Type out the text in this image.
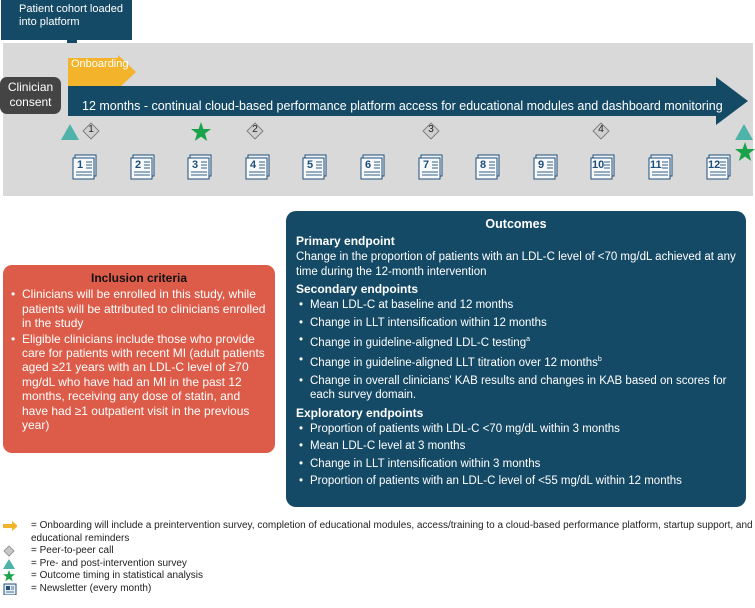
Patient cohort loaded into platform
Onboarding
12 months - continual cloud-based performance platform access for educational modules and dashboard monitoring
Clinician consent
1	2	3	4
1	2	3	4	5	6	7	8	9	10	11	12
Inclusion criteria
• Clinicians will be enrolled in this study, while patients will be attributed to clinicians enrolled in the study
• Eligible clinicians include those who provide care for patients with recent MI (adult patients aged ≥21 years with an LDL-C level of ≥70 mg/dL who have had an MI in the past 12 months, receiving any dose of statin, and have had ≥1 outpatient visit in the previous year)
Outcomes
Primary endpoint

Change in the proportion of patients with an LDL-C level of <70 mg/dL achieved at any time during the 12-month intervention

Secondary endpoints
• Mean LDL-C at baseline and 12 months
• Change in LLT intensification within 12 months
• Change in guideline-aligned LDL-C testing$^a$
• Change in guideline-aligned LLT titration over 12 months$^b$
• Change in overall clinicians' KAB results and changes in KAB based on scores for each survey domain.
Exploratory endpoints
• Proportion of patients with LDL-C <70 mg/dL within 3 months
• Mean LDL-C level at 3 months
• Change in LLT intensification within 3 months
• Proportion of patients with an LDL-C level of <55 mg/dL within 12 months
= Onboarding will include a preintervention survey, completion of educational modules, access/training to a cloud-based performance platform, startup support, and educational reminders
= Peer-to-peer call
= Pre- and post-intervention survey
= Outcome timing in statistical analysis
= Newsletter (every month)
